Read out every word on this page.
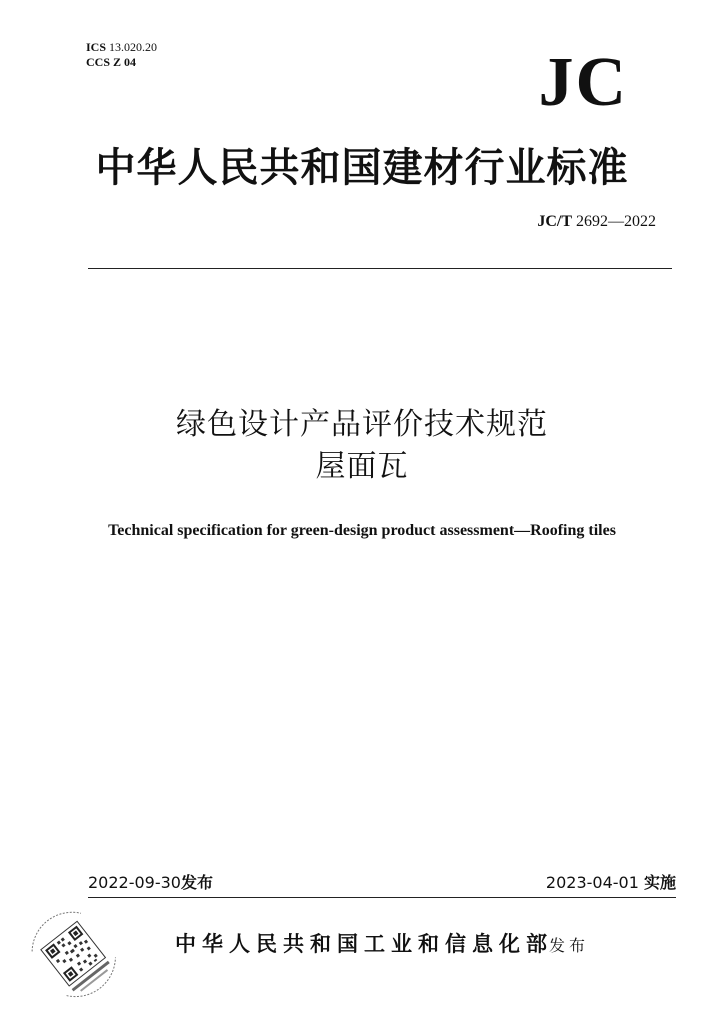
ICS 13.020.20
CCS Z 04	JC
中华人民共和国建材行业标准
JC/T 2692—2022
绿色设计产品评价技术规范
屋面瓦
Technical specification for green-design product assessment—Roofing tiles
2022-09-30发布	2023-04-01 实施
中华人民共和国工业和信息化部
发布
